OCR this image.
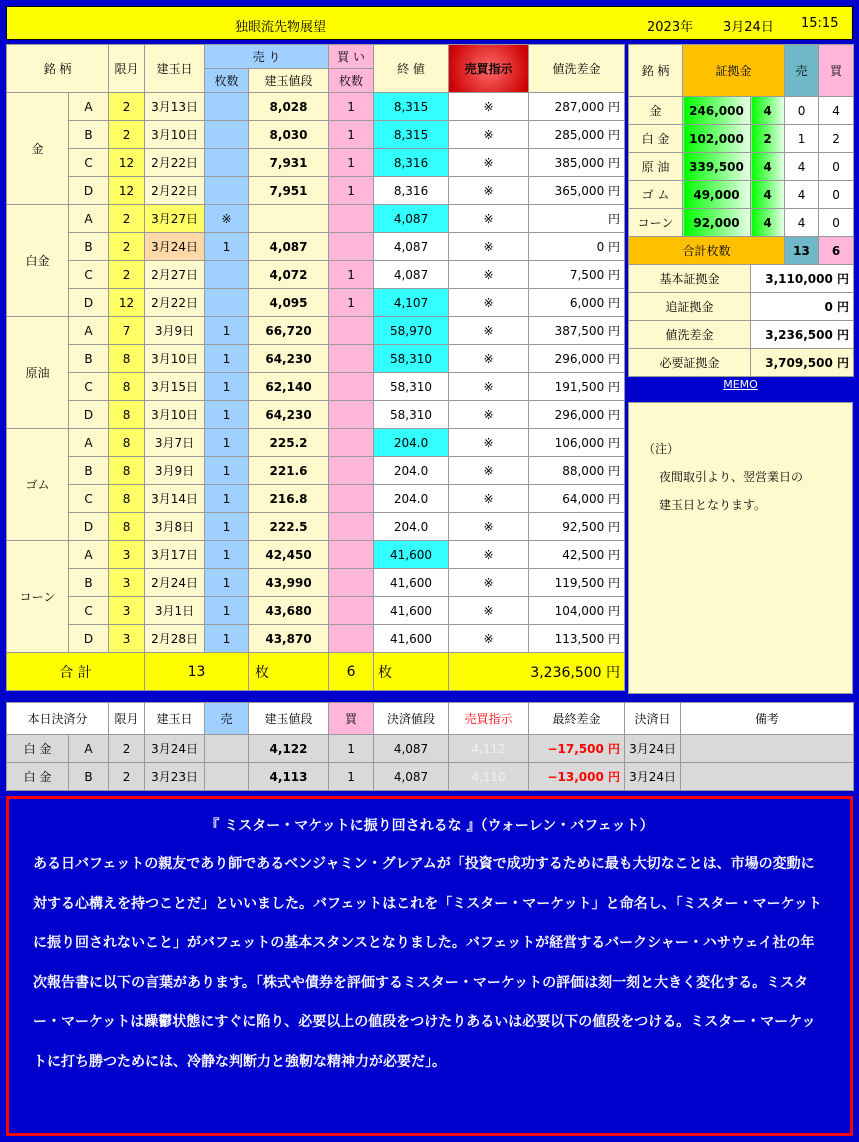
独眼流先物展望	2023年 3月24日 15:15
銘 柄		限月	建玉日	売 り		買 い	終 値	売買指示	値洗差金
				枚数	建玉値段	枚数			
金	A	2	3月13日		8,028	1	8,315	※	287,000 円
	B	2	3月10日		8,030	1	8,315	※	285,000 円
	C	12	2月22日		7,931	1	8,316	※	385,000 円
	D	12	2月22日		7,951	1	8,316	※	365,000 円
白金	A	2	3月27日	※			4,087	※	円
	B	2	3月24日	1	4,087		4,087	※	0 円
	C	2	2月27日		4,072	1	4,087	※	7,500 円
	D	12	2月22日		4,095	1	4,107	※	6,000 円
原油	A	7	3月9日	1	66,720		58,970	※	387,500 円
	B	8	3月10日	1	64,230		58,310	※	296,000 円
	C	8	3月15日	1	62,140		58,310	※	191,500 円
	D	8	3月10日	1	64,230		58,310	※	296,000 円
ゴム	A	8	3月7日	1	225.2		204.0	※	106,000 円
	B	8	3月9日	1	221.6		204.0	※	88,000 円
	C	8	3月14日	1	216.8		204.0	※	64,000 円
	D	8	3月8日	1	222.5		204.0	※	92,500 円
コーン	A	3	3月17日	1	42,450		41,600	※	42,500 円
	B	3	2月24日	1	43,990		41,600	※	119,500 円
	C	3	3月1日	1	43,680		41,600	※	104,000 円
	D	3	2月28日	1	43,870		41,600	※	113,500 円
合 計			13		枚	6	枚	3,236,500 円	
銘 柄	証拠金		売	買
金	246,000	4	0	4
白 金	102,000	2	1	2
原 油	339,500	4	4	0
ゴ ム	49,000	4	4	0
コーン	92,000	4	4	0
合計枚数			13	6
基本証拠金		3,110,000 円		
追証拠金		0 円		
値洗差金		3,236,500 円		
必要証拠金		3,709,500 円		
MEMO
（注）
夜間取引より、翌営業日の
建玉日となります。
本日決済分		限月	建玉日	売	建玉値段	買	決済値段	売買指示	最終差金	決済日	備考
白 金	A	2	3月24日		4,122	1	4,087	4,112	−17,500 円	3月24日	
白 金	B	2	3月23日		4,113	1	4,087	4,110	−13,000 円	3月24日	
『 ミスター・マケットに振り回されるな 』（ウォーレン・バフェット）
ある日バフェットの親友であり師であるベンジャミン・グレアムが「投資で成功するために最も大切なことは、市場の変動に対する心構えを持つことだ」といいました。バフェットはこれを「ミスター・マーケット」と命名し、「ミスター・マーケットに振り回されないこと」がバフェットの基本スタンスとなりました。バフェットが経営するバークシャー・ハサウェイ社の年次報告書に以下の言葉があります。「株式や債券を評価するミスター・マーケットの評価は刻一刻と大きく変化する。ミスター・マーケットは躁鬱状態にすぐに陥り、必要以上の値段をつけたりあるいは必要以下の値段をつける。ミスター・マーケットに打ち勝つためには、冷静な判断力と強靭な精神力が必要だ」。
